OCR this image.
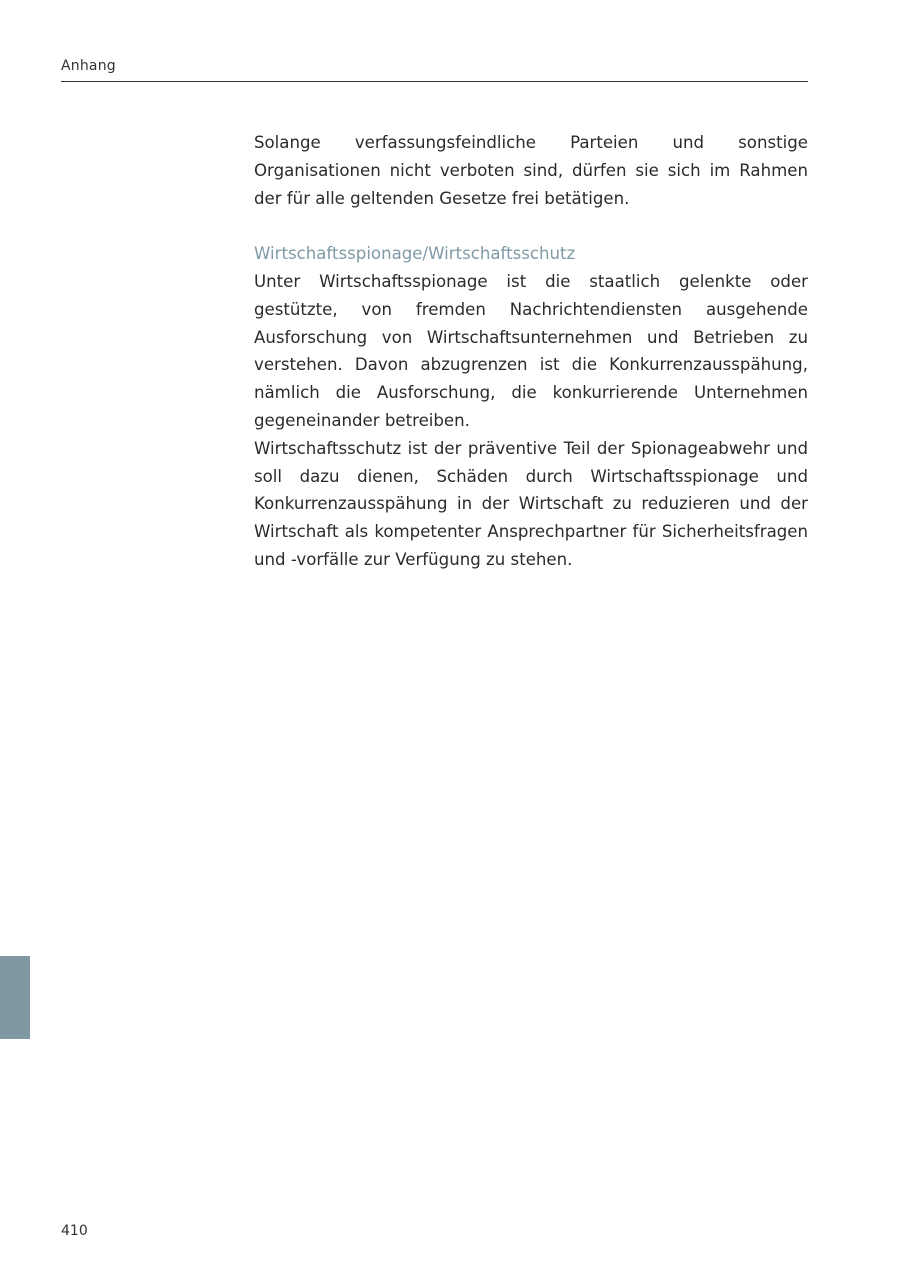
Anhang

Solange verfassungsfeindliche Parteien und sonstige Organisationen nicht verboten sind, dürfen sie sich im Rahmen der für alle geltenden Gesetze frei betätigen.

Wirtschaftsspionage/Wirtschaftsschutz

Unter Wirtschaftsspionage ist die staatlich gelenkte oder gestützte, von fremden Nachrichtendiensten ausgehende Ausforschung von Wirtschaftsunternehmen und Betrieben zu verstehen. Davon abzugrenzen ist die Konkurrenzausspähung, nämlich die Ausforschung, die konkurrierende Unternehmen gegeneinander betreiben.

Wirtschaftsschutz ist der präventive Teil der Spionageabwehr und soll dazu dienen, Schäden durch Wirtschaftsspionage und Konkurrenzausspähung in der Wirtschaft zu reduzieren und der Wirtschaft als kompetenter Ansprechpartner für Sicherheitsfragen und -vorfälle zur Verfügung zu stehen.

410
